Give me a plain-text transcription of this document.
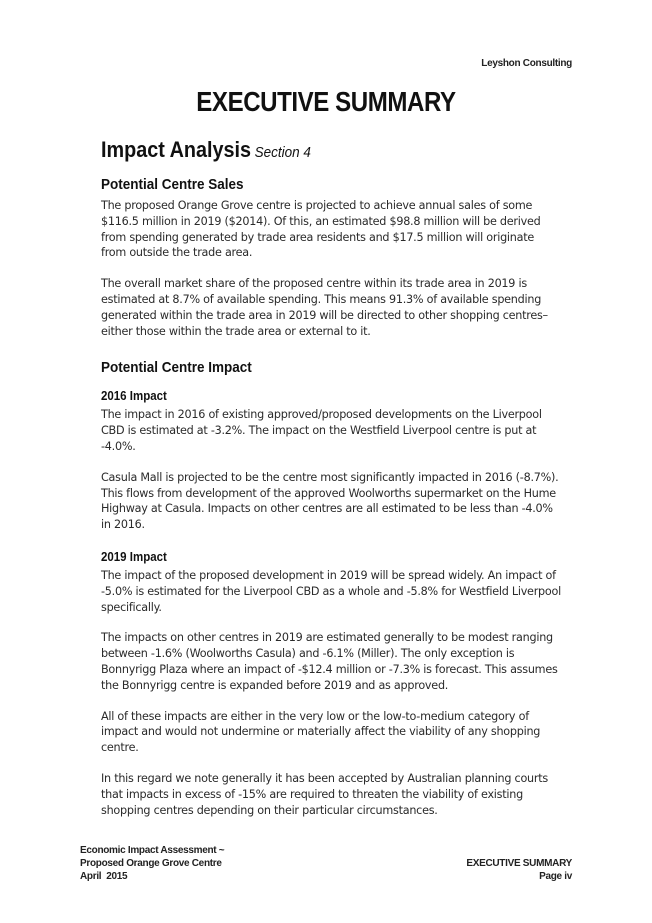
Leyshon Consulting
EXECUTIVE SUMMARY
Impact Analysis Section 4
Potential Centre Sales

The proposed Orange Grove centre is projected to achieve annual sales of some $116.5 million in 2019 ($2014). Of this, an estimated $98.8 million will be derived from spending generated by trade area residents and $17.5 million will originate from outside the trade area.

The overall market share of the proposed centre within its trade area in 2019 is estimated at 8.7% of available spending. This means 91.3% of available spending generated within the trade area in 2019 will be directed to other shopping centres–either those within the trade area or external to it.

Potential Centre Impact
2016 Impact

The impact in 2016 of existing approved/proposed developments on the Liverpool CBD is estimated at -3.2%. The impact on the Westfield Liverpool centre is put at -4.0%.

Casula Mall is projected to be the centre most significantly impacted in 2016 (-8.7%). This flows from development of the approved Woolworths supermarket on the Hume Highway at Casula. Impacts on other centres are all estimated to be less than -4.0% in 2016.

2019 Impact

The impact of the proposed development in 2019 will be spread widely. An impact of -5.0% is estimated for the Liverpool CBD as a whole and -5.8% for Westfield Liverpool specifically.

The impacts on other centres in 2019 are estimated generally to be modest ranging between -1.6% (Woolworths Casula) and -6.1% (Miller). The only exception is Bonnyrigg Plaza where an impact of -$12.4 million or -7.3% is forecast. This assumes the Bonnyrigg centre is expanded before 2019 and as approved.

All of these impacts are either in the very low or the low-to-medium category of impact and would not undermine or materially affect the viability of any shopping centre.

In this regard we note generally it has been accepted by Australian planning courts that impacts in excess of -15% are required to threaten the viability of existing shopping centres depending on their particular circumstances.

Economic Impact Assessment ~
Proposed Orange Grove Centre
April  2015
EXECUTIVE SUMMARY
Page iv
